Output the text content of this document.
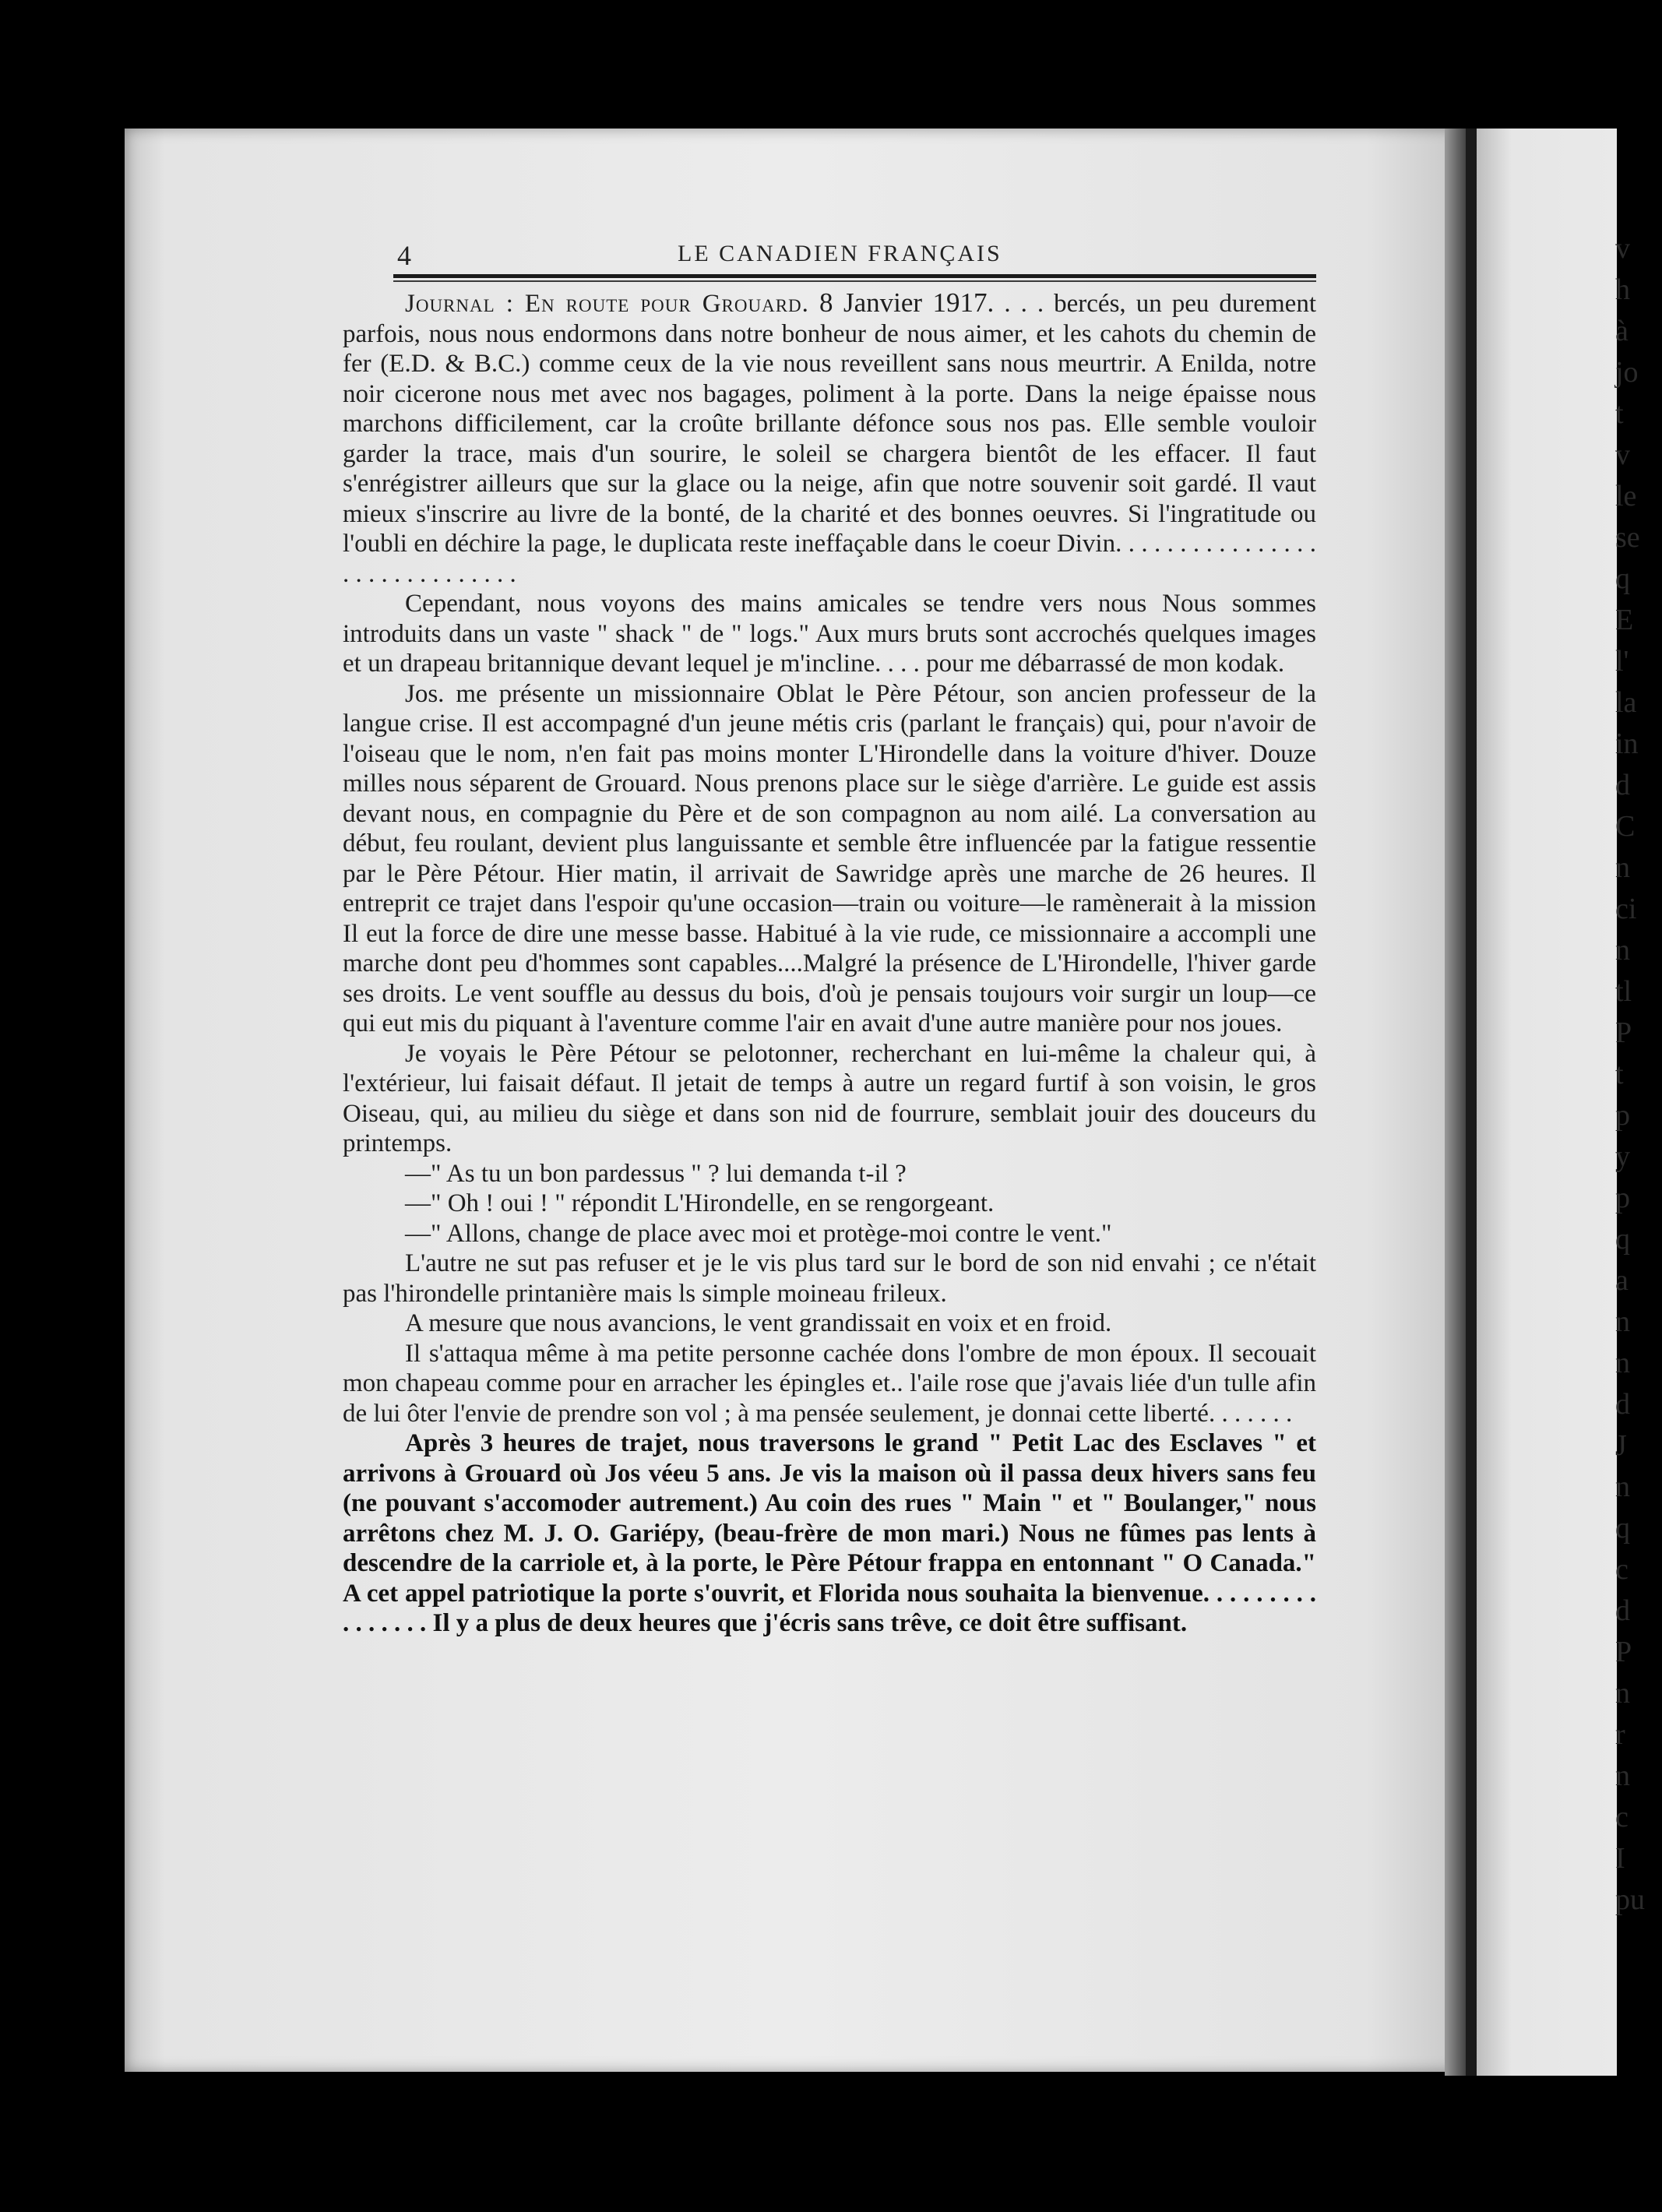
v
h
à
jo
t
v
le
se
q
E
l'
la
in
d
C
n
ci
n
tl
P
t
p
y
p
q
a
n
n
d
J
n
q
c
d
P
n
r
n
c
I
pu
4	LE CANADIEN FRANÇAIS

Journal : En route pour Grouard. 8 Janvier 1917. . . . bercés, un peu durement parfois, nous nous endormons dans notre bonheur de nous aimer, et les cahots du chemin de fer (E.D. & B.C.) comme ceux de la vie nous reveillent sans nous meurtrir. A Enilda, notre noir cicerone nous met avec nos bagages, poliment à la porte. Dans la neige épaisse nous marchons difficilement, car la croûte brillante défonce sous nos pas. Elle semble vouloir garder la trace, mais d'un sourire, le soleil se chargera bientôt de les effacer. Il faut s'enrégistrer ailleurs que sur la glace ou la neige, afin que notre souvenir soit gardé. Il vaut mieux s'inscrire au livre de la bonté, de la charité et des bonnes oeuvres. Si l'ingratitude ou l'oubli en déchire la page, le duplicata reste ineffaçable dans le coeur Divin. . . . . . . . . . . . . . . . . . . . . . . . . . . . . .

Cependant, nous voyons des mains amicales se tendre vers nous Nous sommes introduits dans un vaste " shack " de " logs." Aux murs bruts sont accrochés quelques images et un drapeau britannique devant lequel je m'incline. . . . pour me débarrassé de mon kodak.

Jos. me présente un missionnaire Oblat le Père Pétour, son ancien professeur de la langue crise. Il est accompagné d'un jeune métis cris (parlant le français) qui, pour n'avoir de l'oiseau que le nom, n'en fait pas moins monter L'Hirondelle dans la voiture d'hiver. Douze milles nous séparent de Grouard. Nous prenons place sur le siège d'arrière. Le guide est assis devant nous, en compagnie du Père et de son compagnon au nom ailé. La conversation au début, feu roulant, devient plus languissante et semble être influencée par la fatigue ressentie par le Père Pétour. Hier matin, il arrivait de Sawridge après une marche de 26 heures. Il entreprit ce trajet dans l'espoir qu'une occasion—train ou voiture—le ramènerait à la mission Il eut la force de dire une messe basse. Habitué à la vie rude, ce missionnaire a accompli une marche dont peu d'hommes sont capables....Malgré la présence de L'Hirondelle, l'hiver garde ses droits. Le vent souffle au dessus du bois, d'où je pensais toujours voir surgir un loup—ce qui eut mis du piquant à l'aventure comme l'air en avait d'une autre manière pour nos joues.

Je voyais le Père Pétour se pelotonner, recherchant en lui-même la chaleur qui, à l'extérieur, lui faisait défaut. Il jetait de temps à autre un regard furtif à son voisin, le gros Oiseau, qui, au milieu du siège et dans son nid de fourrure, semblait jouir des douceurs du printemps.

—" As tu un bon pardessus " ? lui demanda t-il ?

—" Oh ! oui ! " répondit L'Hirondelle, en se rengorgeant.

—" Allons, change de place avec moi et protège-moi contre le vent."

L'autre ne sut pas refuser et je le vis plus tard sur le bord de son nid envahi ; ce n'était pas l'hirondelle printanière mais ls simple moineau frileux.

A mesure que nous avancions, le vent grandissait en voix et en froid.

Il s'attaqua même à ma petite personne cachée dons l'ombre de mon époux. Il secouait mon chapeau comme pour en arracher les épingles et.. l'aile rose que j'avais liée d'un tulle afin de lui ôter l'envie de prendre son vol ; à ma pensée seulement, je donnai cette liberté. . . . . . .

Après 3 heures de trajet, nous traversons le grand " Petit Lac des Esclaves " et arrivons à Grouard où Jos véeu 5 ans. Je vis la maison où il passa deux hivers sans feu (ne pouvant s'accomoder autrement.) Au coin des rues " Main " et " Boulanger," nous arrêtons chez M. J. O. Gariépy, (beau-frère de mon mari.) Nous ne fûmes pas lents à descendre de la carriole et, à la porte, le Père Pétour frappa en entonnant " O Canada." A cet appel patriotique la porte s'ouvrit, et Florida nous souhaita la bienvenue. . . . . . . . . . . . . . . . Il y a plus de deux heures que j'écris sans trêve, ce doit être suffisant.
